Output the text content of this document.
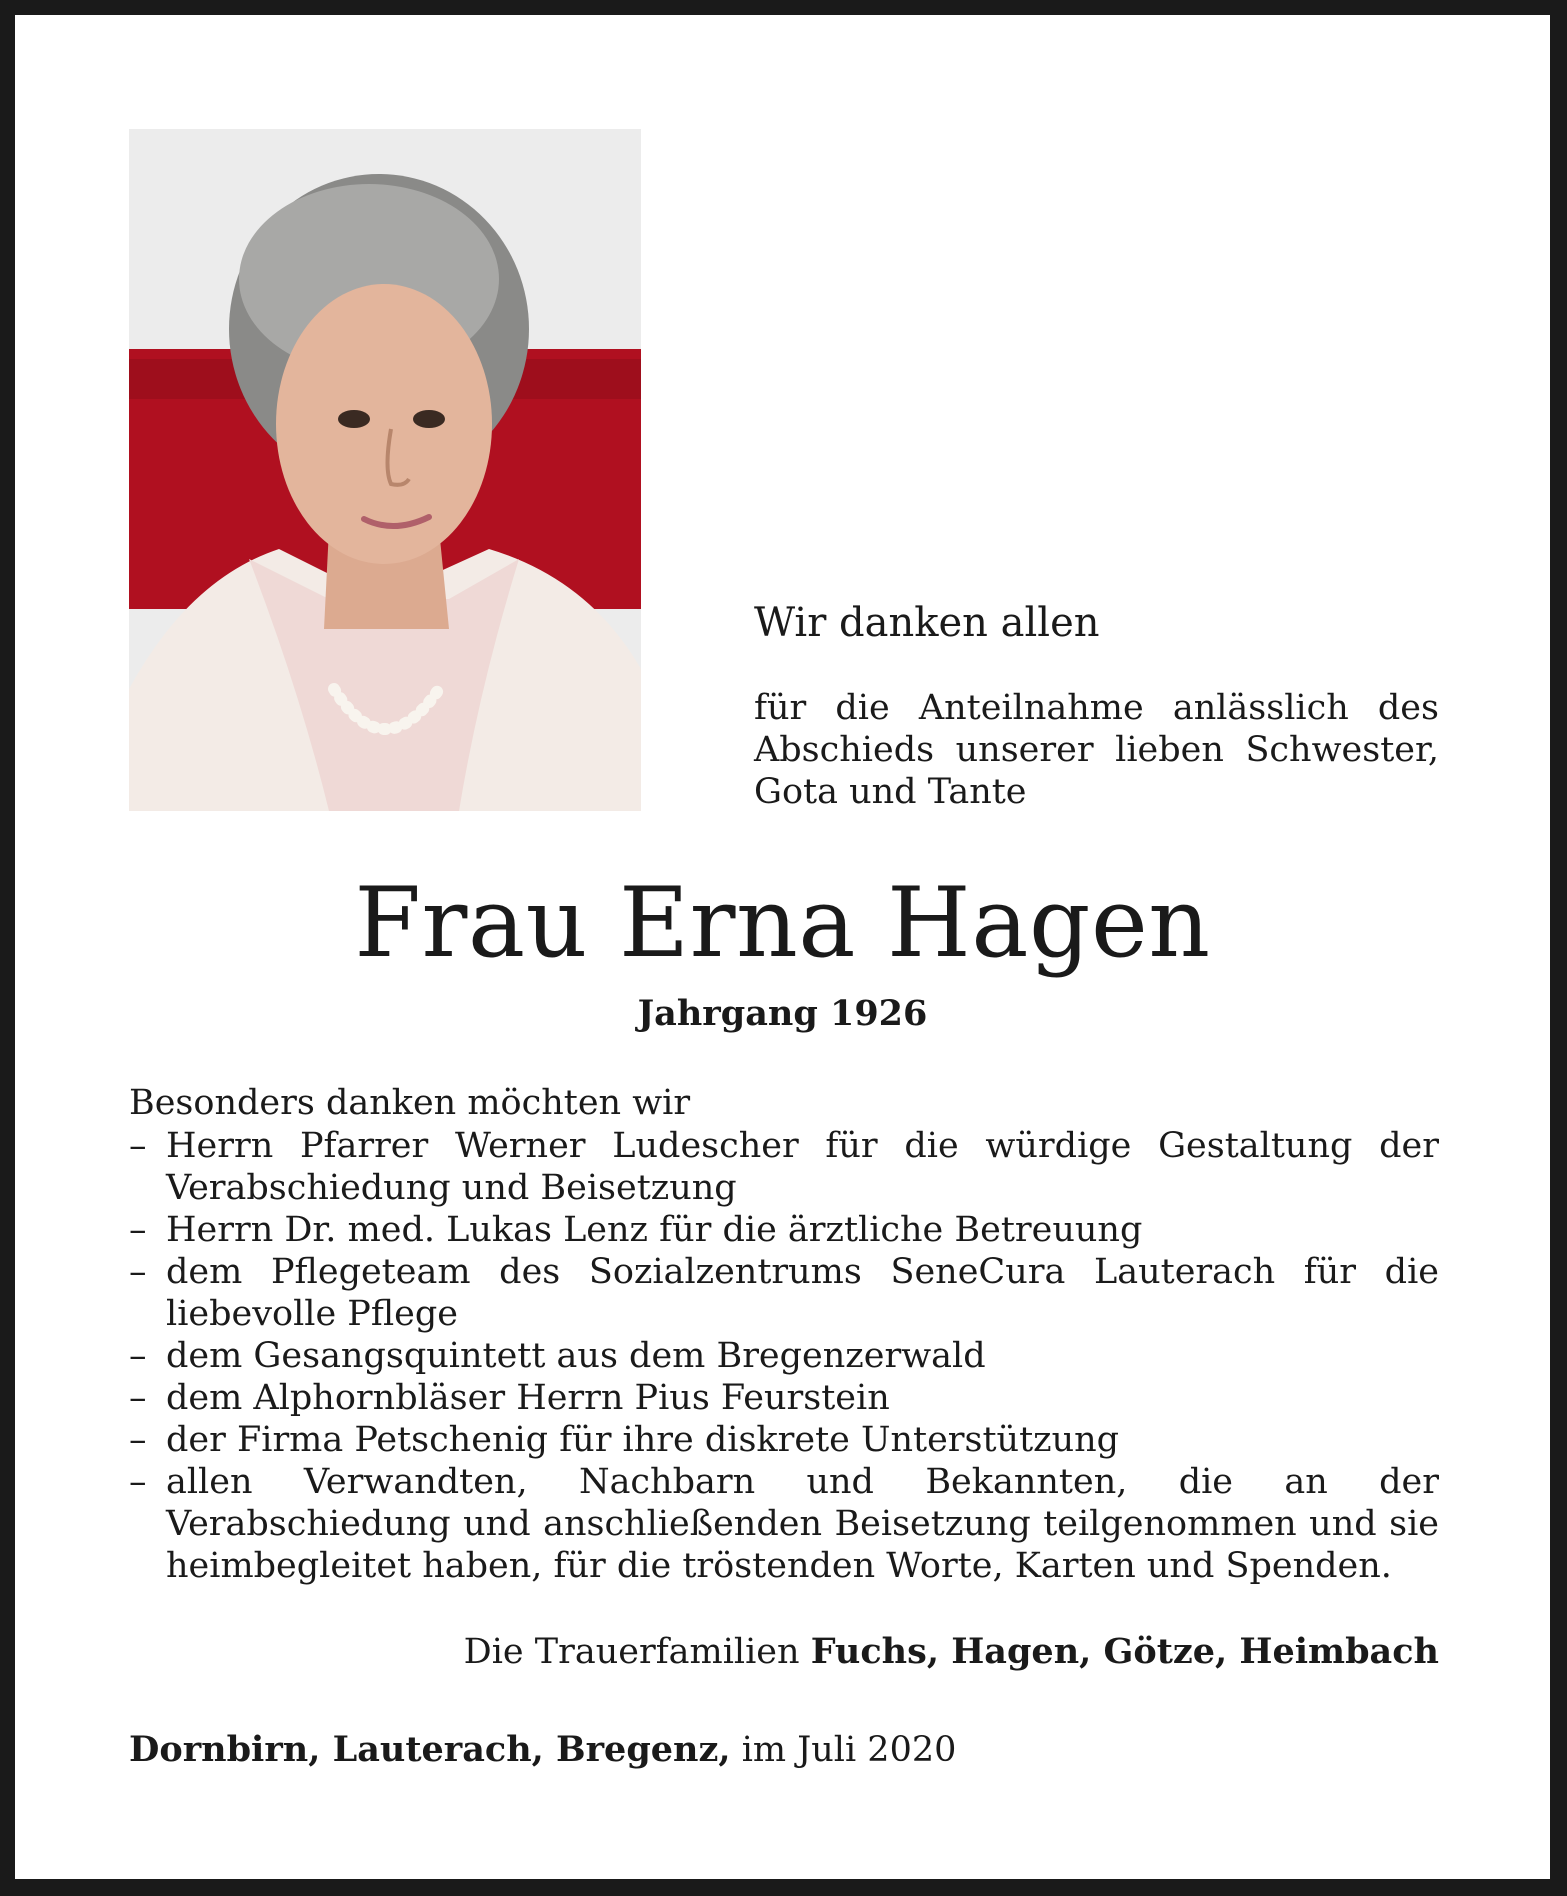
Wir danken allen

für die Anteilnahme anlässlich des Abschieds unserer lieben Schwester, Gota und Tante

Frau Erna Hagen

Jahrgang 1926

Besonders danken möchten wir

– Herrn Pfarrer Werner Ludescher für die würdige Gestaltung der Verabschiedung und Beisetzung
– Herrn Dr. med. Lukas Lenz für die ärztliche Betreuung
– dem Pflegeteam des Sozialzentrums SeneCura Lauterach für die liebevolle Pflege
– dem Gesangsquintett aus dem Bregenzerwald
– dem Alphornbläser Herrn Pius Feurstein
– der Firma Petschenig für ihre diskrete Unterstützung
– allen Verwandten, Nachbarn und Bekannten, die an der Verabschiedung und anschließenden Beisetzung teilgenommen und sie heimbegleitet haben, für die tröstenden Worte, Karten und Spenden.

Die Trauerfamilien Fuchs, Hagen, Götze, Heimbach

Dornbirn, Lauterach, Bregenz, im Juli 2020
